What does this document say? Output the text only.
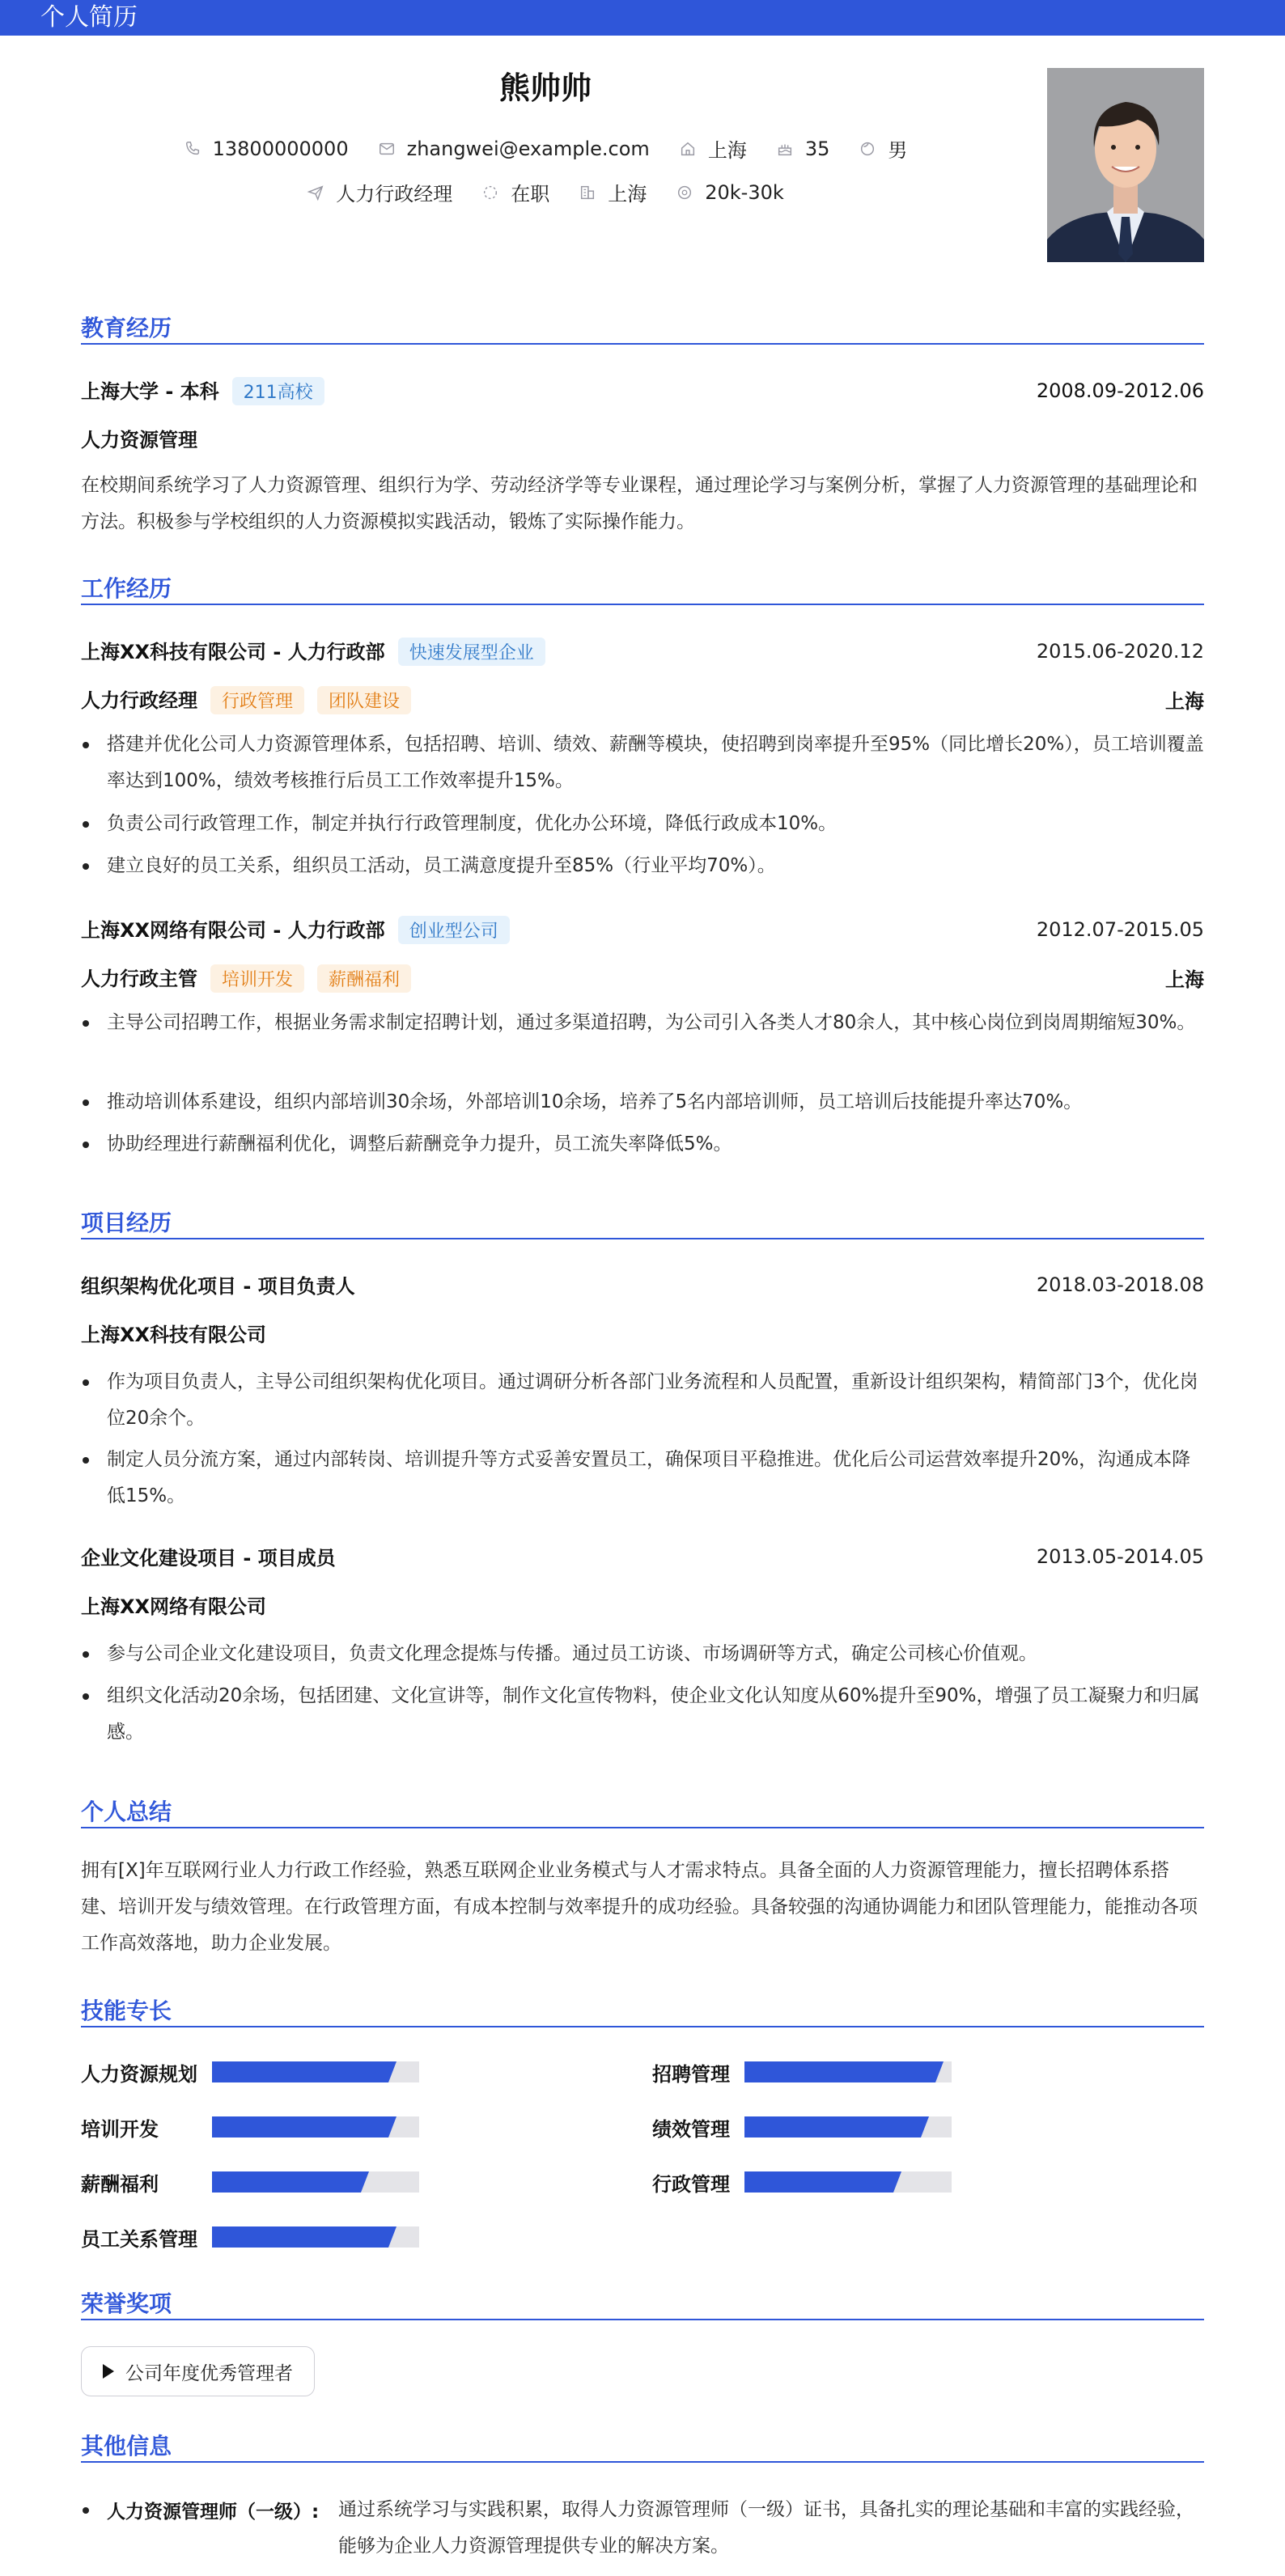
个人简历
熊帅帅
13800000000	zhangwei@example.com	上海	35	男
人力行政经理	在职	上海	20k-30k
教育经历
上海大学 - 本科 211高校	2008.09-2012.06
人力资源管理
在校期间系统学习了人力资源管理、组织行为学、劳动经济学等专业课程，通过理论学习与案例分析，掌握了人力资源管理的基础理论和方法。积极参与学校组织的人力资源模拟实践活动，锻炼了实际操作能力。
工作经历
上海XX科技有限公司 - 人力行政部 快速发展型企业	2015.06-2020.12
人力行政经理 行政管理 团队建设	上海
搭建并优化公司人力资源管理体系，包括招聘、培训、绩效、薪酬等模块，使招聘到岗率提升至95%（同比增长20%），员工培训覆盖率达到100%，绩效考核推行后员工工作效率提升15%。
负责公司行政管理工作，制定并执行行政管理制度，优化办公环境，降低行政成本10%。
建立良好的员工关系，组织员工活动，员工满意度提升至85%（行业平均70%）。
上海XX网络有限公司 - 人力行政部 创业型公司	2012.07-2015.05
人力行政主管 培训开发 薪酬福利	上海
主导公司招聘工作，根据业务需求制定招聘计划，通过多渠道招聘，为公司引入各类人才80余人，其中核心岗位到岗周期缩短30%。
推动培训体系建设，组织内部培训30余场，外部培训10余场，培养了5名内部培训师，员工培训后技能提升率达70%。
协助经理进行薪酬福利优化，调整后薪酬竞争力提升，员工流失率降低5%。
项目经历
组织架构优化项目 - 项目负责人	2018.03-2018.08
上海XX科技有限公司
作为项目负责人，主导公司组织架构优化项目。通过调研分析各部门业务流程和人员配置，重新设计组织架构，精简部门3个，优化岗位20余个。
制定人员分流方案，通过内部转岗、培训提升等方式妥善安置员工，确保项目平稳推进。优化后公司运营效率提升20%，沟通成本降低15%。
企业文化建设项目 - 项目成员	2013.05-2014.05
上海XX网络有限公司
参与公司企业文化建设项目，负责文化理念提炼与传播。通过员工访谈、市场调研等方式，确定公司核心价值观。
组织文化活动20余场，包括团建、文化宣讲等，制作文化宣传物料，使企业文化认知度从60%提升至90%，增强了员工凝聚力和归属感。
个人总结
拥有[X]年互联网行业人力行政工作经验，熟悉互联网企业业务模式与人才需求特点。具备全面的人力资源管理能力，擅长招聘体系搭建、培训开发与绩效管理。在行政管理方面，有成本控制与效率提升的成功经验。具备较强的沟通协调能力和团队管理能力，能推动各项工作高效落地，助力企业发展。
技能专长
人力资源规划	招聘管理
培训开发	绩效管理
薪酬福利	行政管理
员工关系管理
荣誉奖项
公司年度优秀管理者
其他信息
人力资源管理师（一级）: 通过系统学习与实践积累，取得人力资源管理师（一级）证书，具备扎实的理论基础和丰富的实践经验，能够为企业人力资源管理提供专业的解决方案。
